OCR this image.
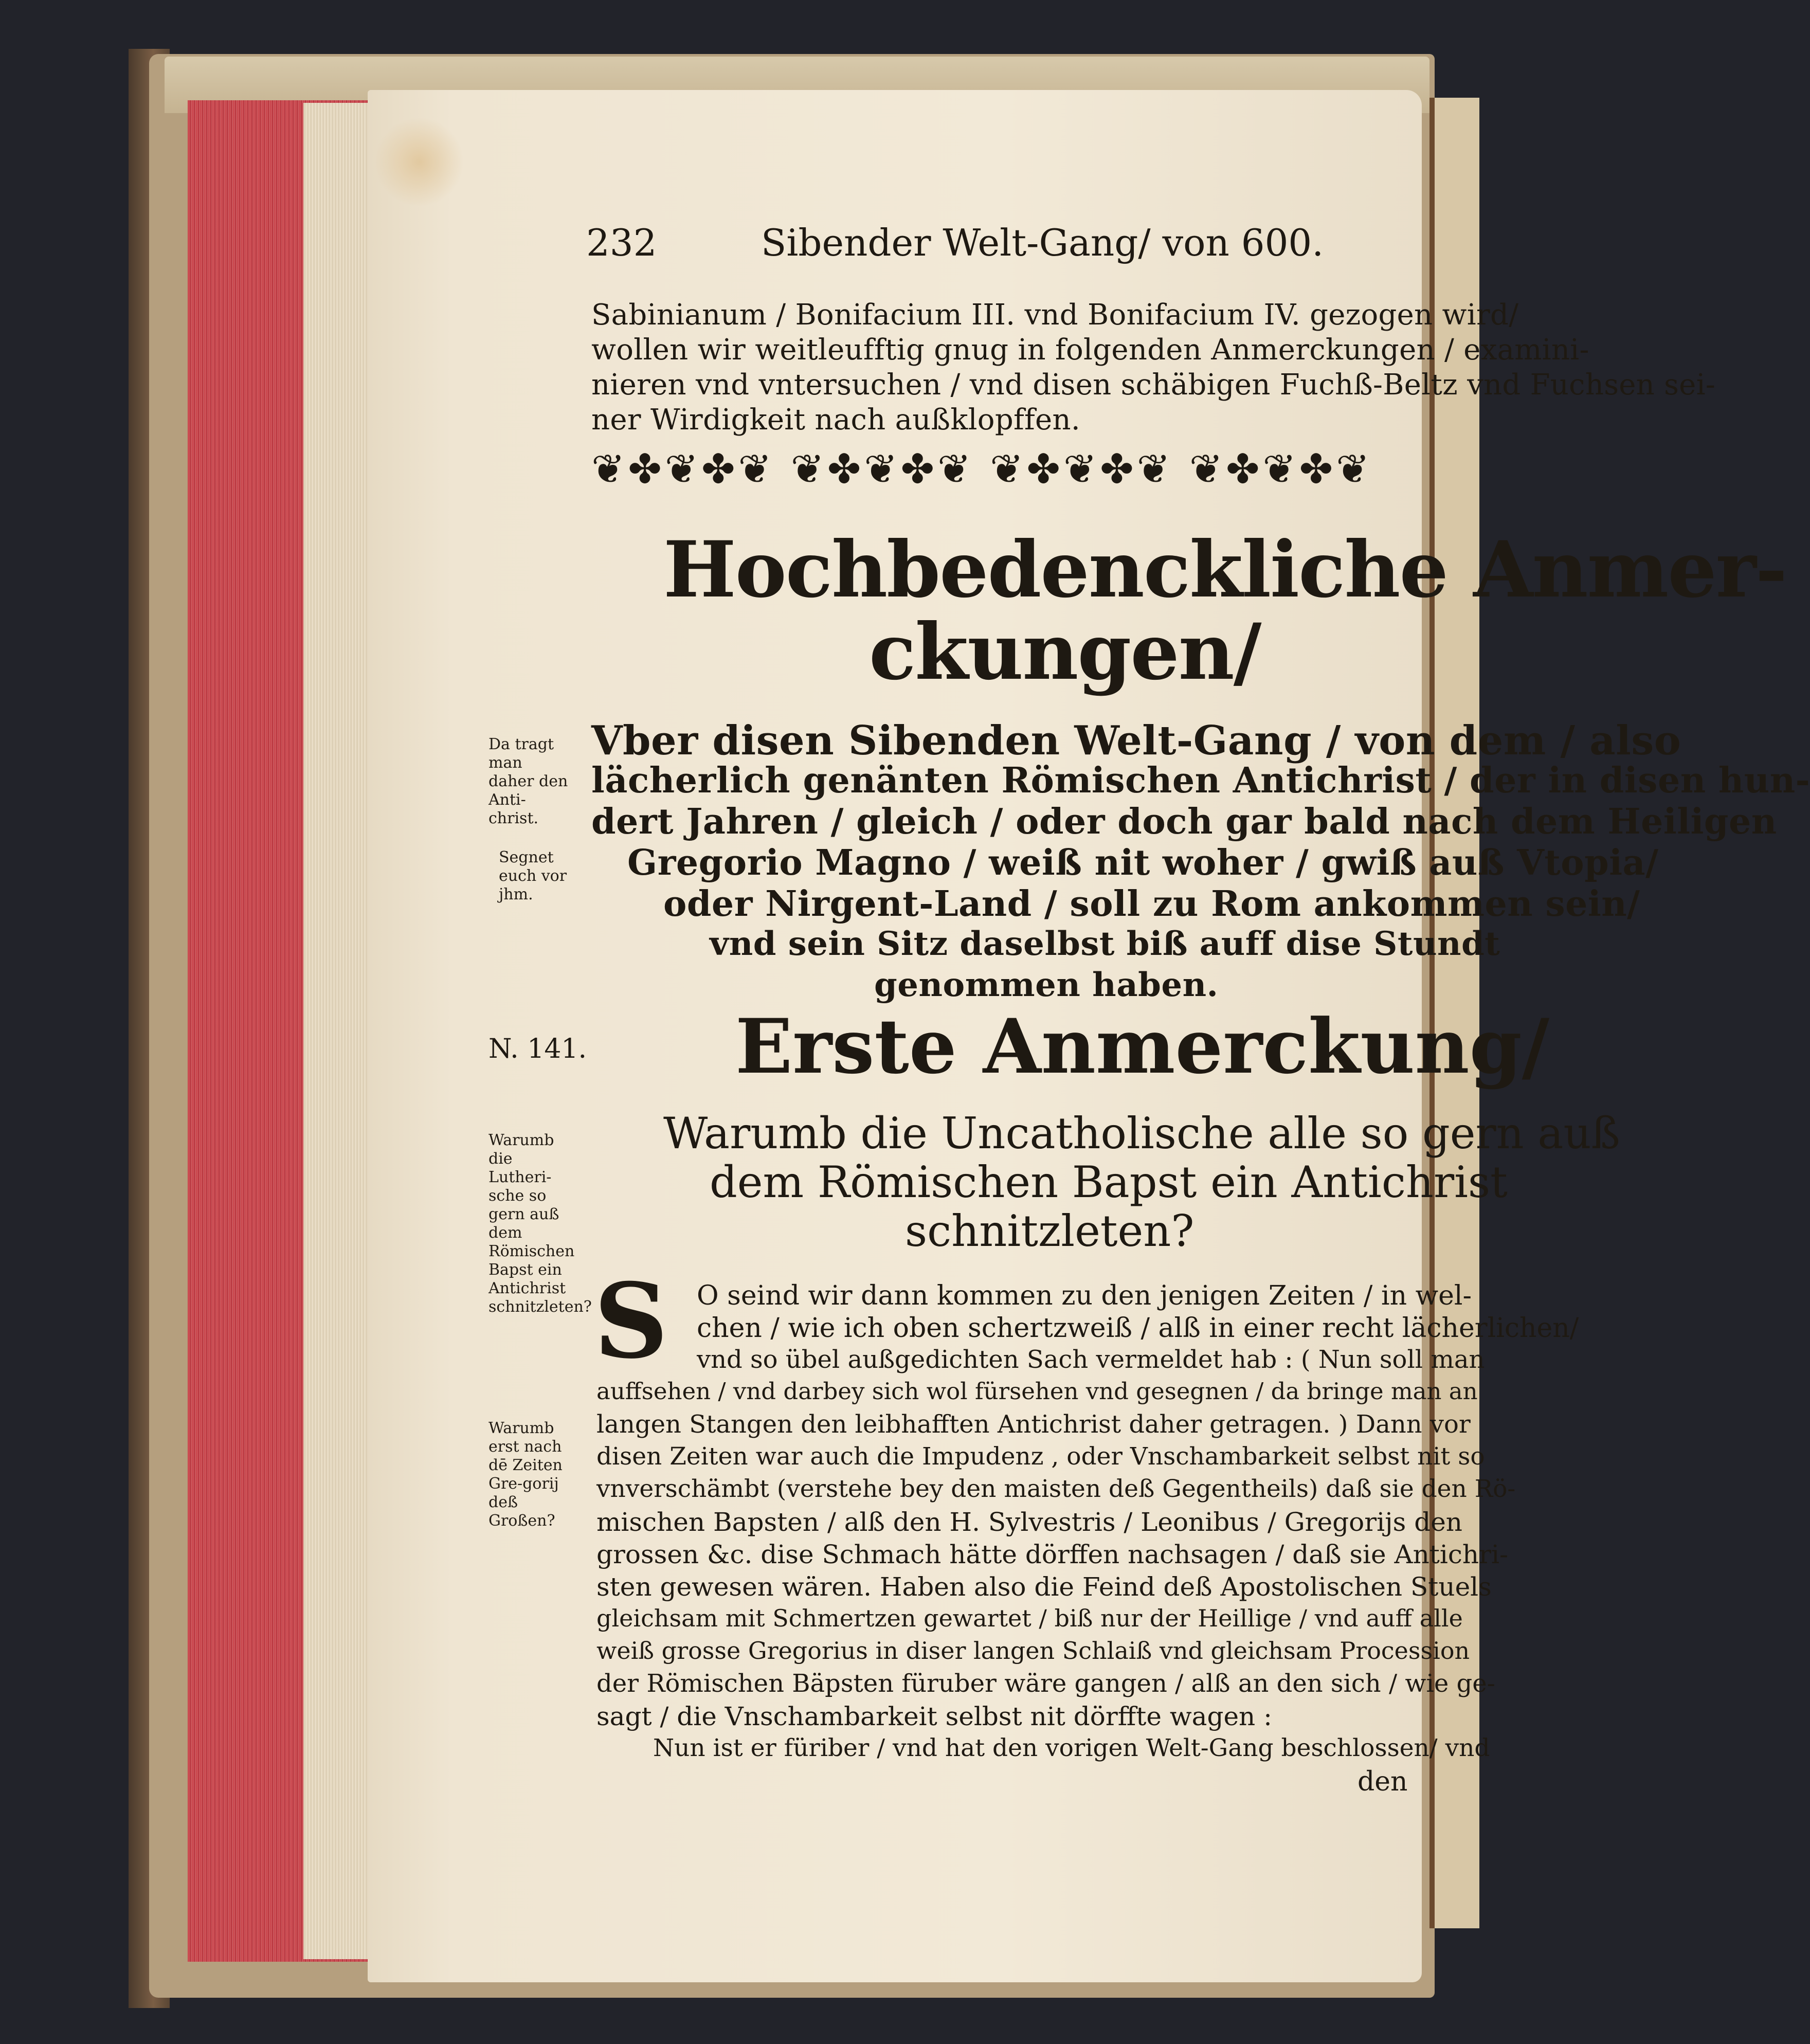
232	Sibender Welt-Gang/ von 600.
Sabinianum / Bonifacium III. vnd Bonifacium IV. gezogen wird/
wollen wir weitleufftig gnug in folgenden Anmerckungen / examini-
nieren vnd vntersuchen / vnd disen schäbigen Fuchß-Beltz vnd Fuchsen sei-
ner Wirdigkeit nach außklopffen.
❦✤❦✤❦ ❦✤❦✤❦ ❦✤❦✤❦ ❦✤❦✤❦
Hochbedenckliche Anmer-
ckungen/
Vber disen Sibenden Welt-Gang / von dem / also
lächerlich genänten Römischen Antichrist / der in disen hun-
dert Jahren / gleich / oder doch gar bald nach dem Heiligen
Gregorio Magno / weiß nit woher / gwiß auß Vtopia/
oder Nirgent-Land / soll zu Rom ankommen sein/
vnd sein Sitz daselbst biß auff dise Stundt
genommen haben.
N. 141. Erste Anmerckung/
Warumb die Uncatholische alle so gern auß
dem Römischen Bapst ein Antichrist
schnitzleten?
S O seind wir dann kommen zu den jenigen Zeiten / in wel-
chen / wie ich oben schertzweiß / alß in einer recht lächerlichen/
vnd so übel außgedichten Sach vermeldet hab : ( Nun soll man
auffsehen / vnd darbey sich wol fürsehen vnd gesegnen / da bringe man an
langen Stangen den leibhafften Antichrist daher getragen. ) Dann vor
disen Zeiten war auch die Impudenz , oder Vnschambarkeit selbst nit so
vnverschämbt (verstehe bey den maisten deß Gegentheils) daß sie den Rö-
mischen Bapsten / alß den H. Sylvestris / Leonibus / Gregorijs den
grossen &c. dise Schmach hätte dörffen nachsagen / daß sie Antichri-
sten gewesen wären. Haben also die Feind deß Apostolischen Stuels
gleichsam mit Schmertzen gewartet / biß nur der Heillige / vnd auff alle
weiß grosse Gregorius in diser langen Schlaiß vnd gleichsam Procession
der Römischen Bäpsten füruber wäre gangen / alß an den sich / wie ge-
sagt / die Vnschambarkeit selbst nit dörffte wagen :
Nun ist er füriber / vnd hat den vorigen Welt-Gang beschlossen/ vnd
den
Da tragt man daher den Anti-christ.
Segnet euch vor jhm.
Warumb die Lutheri-sche so gern auß dem Römischen Bapst ein Antichrist schnitzleten?
Warumb erst nach dē Zeiten Gre-gorij deß Großen?
